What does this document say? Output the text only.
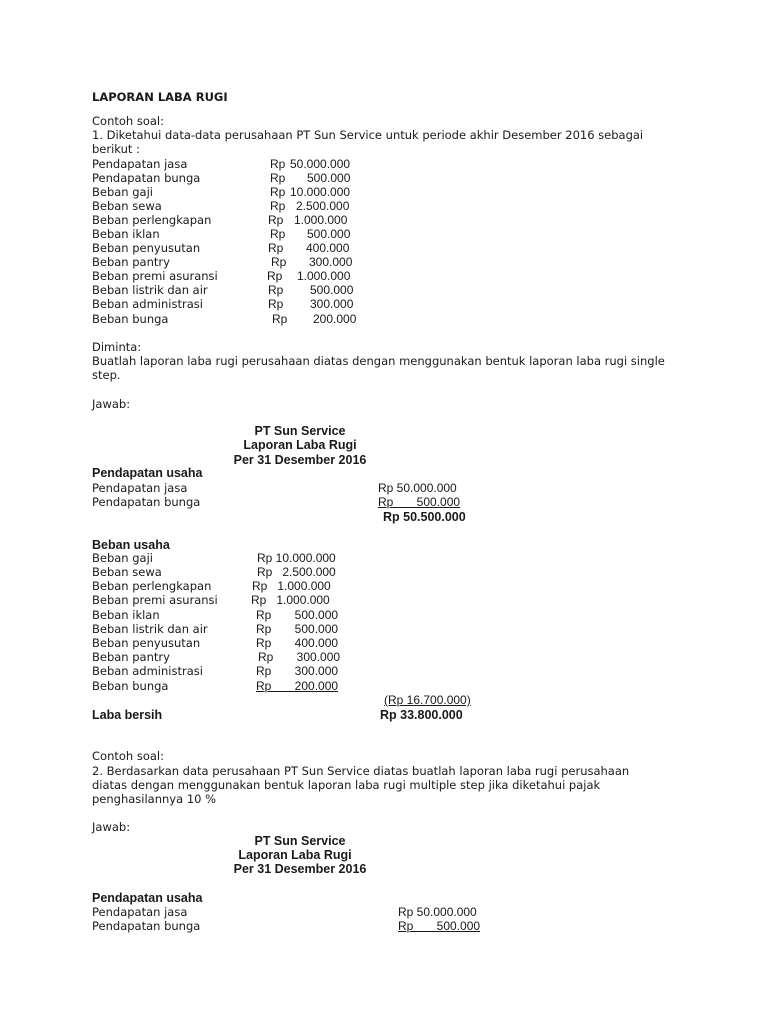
LAPORAN LABA RUGI
Contoh soal:
1. Diketahui data-data perusahaan PT Sun Service untuk periode akhir Desember 2016 sebagai berikut :
Pendapatan jasa	Rp 50.000.000
Pendapatan bunga	Rp 500.000
Beban gaji	Rp 10.000.000
Beban sewa	Rp 2.500.000
Beban perlengkapan	Rp 1.000.000
Beban iklan	Rp 500.000
Beban penyusutan	Rp 400.000
Beban pantry	Rp 300.000
Beban premi asuransi	Rp 1.000.000
Beban listrik dan air	Rp 500.000
Beban administrasi	Rp 300.000
Beban bunga	Rp 200.000
Diminta:
Buatlah laporan laba rugi perusahaan diatas dengan menggunakan bentuk laporan laba rugi single step.
Jawab:
PT Sun Service
Laporan Laba Rugi
Per 31 Desember 2016
Pendapatan usaha
Pendapatan jasa	Rp 50.000.000
Pendapatan bunga	Rp       500.000
Rp 50.500.000
Beban usaha
Beban gaji	Rp 10.000.000
Beban sewa	Rp   2.500.000
Beban perlengkapan	Rp   1.000.000
Beban premi asuransi	Rp   1.000.000
Beban iklan	Rp       500.000
Beban listrik dan air	Rp       500.000
Beban penyusutan	Rp       400.000
Beban pantry	Rp       300.000
Beban administrasi	Rp       300.000
Beban bunga	Rp       200.000
(Rp 16.700.000)
Laba bersih	Rp 33.800.000
Contoh soal:
2. Berdasarkan data perusahaan PT Sun Service diatas buatlah laporan laba rugi perusahaan diatas dengan menggunakan bentuk laporan laba rugi multiple step jika diketahui pajak penghasilannya 10 %
Jawab:
PT Sun Service
Laporan Laba Rugi
Per 31 Desember 2016
Pendapatan usaha
Pendapatan jasa	Rp 50.000.000
Pendapatan bunga	Rp       500.000
